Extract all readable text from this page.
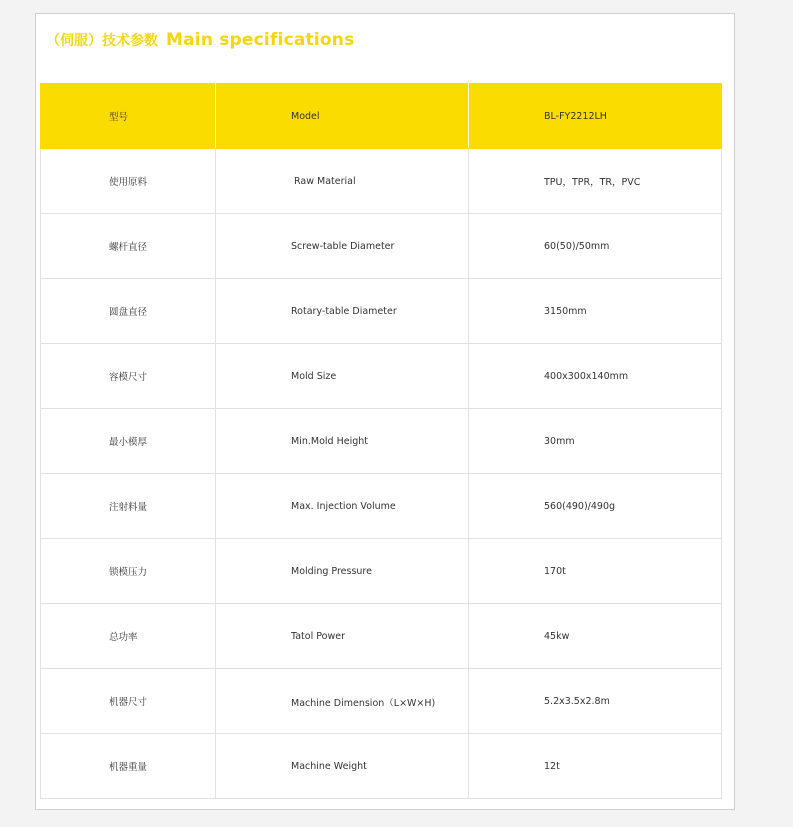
（伺服）技术参数 Main specifications
型号	Model	BL-FY2212LH
使用原料	Raw Material	TPU，TPR，TR，PVC
螺杆直径	Screw-table Diameter	60(50)/50mm
圆盘直径	Rotary-table Diameter	3150mm
容模尺寸	Mold Size	400x300x140mm
最小模厚	Min.Mold Height	30mm
注射料量	Max. Injection Volume	560(490)/490g
锁模压力	Molding Pressure	170t
总功率	Tatol Power	45kw
机器尺寸	Machine Dimension（L×W×H)	5.2x3.5x2.8m
机器重量	Machine Weight	12t
